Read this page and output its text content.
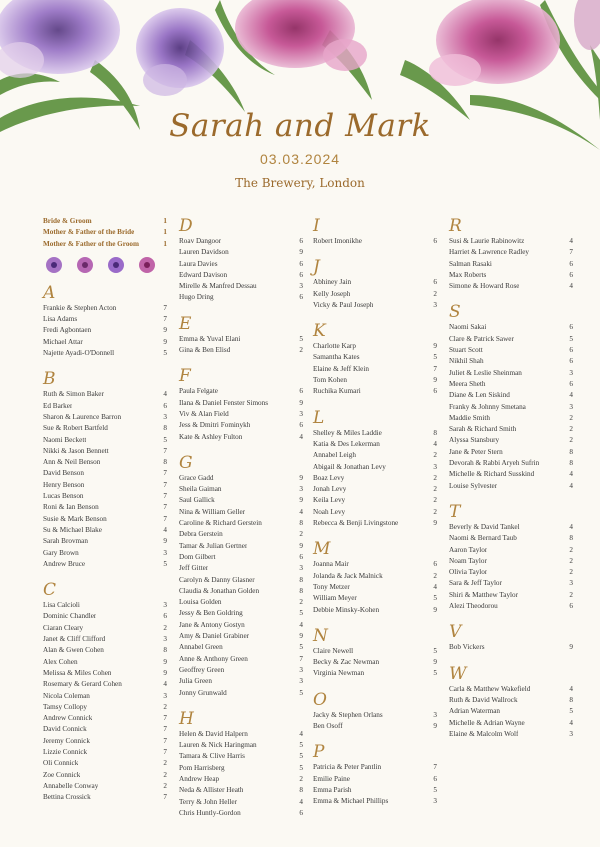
Sarah and Mark
03.03.2024
The Brewery, London
Bride & Groom	1
Mother & Father of the Bride	1
Mother & Father of the Groom	1
A
Frankie & Stephen Acton	7
Lisa Adams	7
Fredi Agbontaen	9
Michael Attar	9
Najette Ayadi-O'Donnell	5
B
Ruth & Simon Baker	4
Ed Barker	6
Sharon & Laurence Barron	3
Sue & Robert Bartfeld	8
Naomi Beckett	5
Nikki & Jason Bennett	7
Ann & Neil Benson	8
David Benson	7
Henry Benson	7
Lucas Benson	7
Roni & Ian Benson	7
Susie & Mark Benson	7
Su & Michael Blake	4
Sarah Brovman	9
Gary Brown	3
Andrew Bruce	5
C
Lisa Calcioli	3
Dominic Chandler	6
Ciaran Cleary	2
Janet & Cliff Clifford	3
Alan & Gwen Cohen	8
Alex Cohen	9
Melissa & Miles Cohen	9
Rosemary & Gerard Cohen	4
Nicola Coleman	3
Tamsy Collopy	2
Andrew Connick	7
David Connick	7
Jeremy Connick	7
Lizzie Connick	7
Oli Connick	2
Zoe Connick	2
Annabelle Conway	2
Bettina Crossick	7
D
Roav Dangoor	6
Lauren Davidson	9
Laura Davies	6
Edward Davison	6
Mirelle & Manfred Dessau	3
Hugo Dring	6
E
Emma & Yuval Elani	5
Gina & Ben Elisd	2
F
Paula Felgate	6
Ilana & Daniel Fenster Simons	9
Viv & Alan Field	3
Jess & Dmitri Fominykh	6
Kate & Ashley Fulton	4
G
Grace Gadd	9
Sheila Gaiman	3
Saul Gallick	9
Nina & William Geller	4
Caroline & Richard Gerstein	8
Debra Gerstein	2
Tamar & Julian Gertner	9
Dom Gilbert	6
Jeff Gitter	3
Carolyn & Danny Glasner	8
Claudia & Jonathan Golden	8
Louisa Golden	2
Jessy & Ben Goldring	5
Jane & Antony Gostyn	4
Amy & Daniel Grabiner	9
Annabel Green	5
Anne & Anthony Green	7
Geoffrey Green	3
Julia Green	3
Jonny Grunwald	5
H
Helen & David Halpern	4
Lauren & Nick Haringman	5
Tamara & Clive Harris	5
Pom Harrisberg	5
Andrew Heap	2
Neda & Allister Heath	8
Terry & John Heller	4
Chris Huntly-Gordon	6
I
Robert Imonikhe	6
J
Abhiney Jain	6
Kelly Joseph	2
Vicky & Paul Joseph	3
K
Charlotte Karp	9
Samantha Kates	5
Elaine & Jeff Klein	7
Tom Kohen	9
Ruchika Kumari	6
L
Shelley & Miles Laddie	8
Katia & Des Lekerman	4
Annabel Leigh	2
Abigail & Jonathan Levy	3
Boaz Levy	2
Jonah Levy	2
Keila Levy	2
Noah Levy	2
Rebecca & Benji Livingstone	9
M
Joanna Mair	6
Jolanda & Jack Malnick	2
Tony Metzer	4
William Meyer	5
Debbie Minsky-Kohen	9
N
Claire Newell	5
Becky & Zac Newman	9
Virginia Newman	5
O
Jacky & Stephen Orlans	3
Ben Osoff	9
P
Patricia & Peter Pantlin	7
Emilie Paine	6
Emma Parish	5
Emma & Michael Phillips	3
R
Susi & Laurie Rabinowitz	4
Harriet & Lawrence Radley	7
Salman Rasaki	6
Max Roberts	6
Simone & Howard Rose	4
S
Naomi Sakai	6
Clare & Patrick Sawer	5
Stuart Scott	6
Nikhil Shah	6
Juliet & Leslie Sheinman	3
Meera Sheth	6
Diane & Len Siskind	4
Franky & Johnny Smetana	3
Maddie Smith	2
Sarah & Richard Smith	2
Alyssa Stansbury	2
Jane & Peter Stern	8
Devorah & Rabbi Aryeh Sufrin	8
Michelle & Richard Susskind	4
Louise Sylvester	4
T
Beverly & David Tankel	4
Naomi & Bernard Taub	8
Aaron Taylor	2
Noam Taylor	2
Olivia Taylor	2
Sara & Jeff Taylor	3
Shiri & Matthew Taylor	2
Alezi Theodorou	6
V
Bob Vickers	9
W
Carla & Matthew Wakefield	4
Ruth & David Wallrock	8
Adrian Waterman	5
Michelle & Adrian Wayne	4
Elaine & Malcolm Wolf	3
